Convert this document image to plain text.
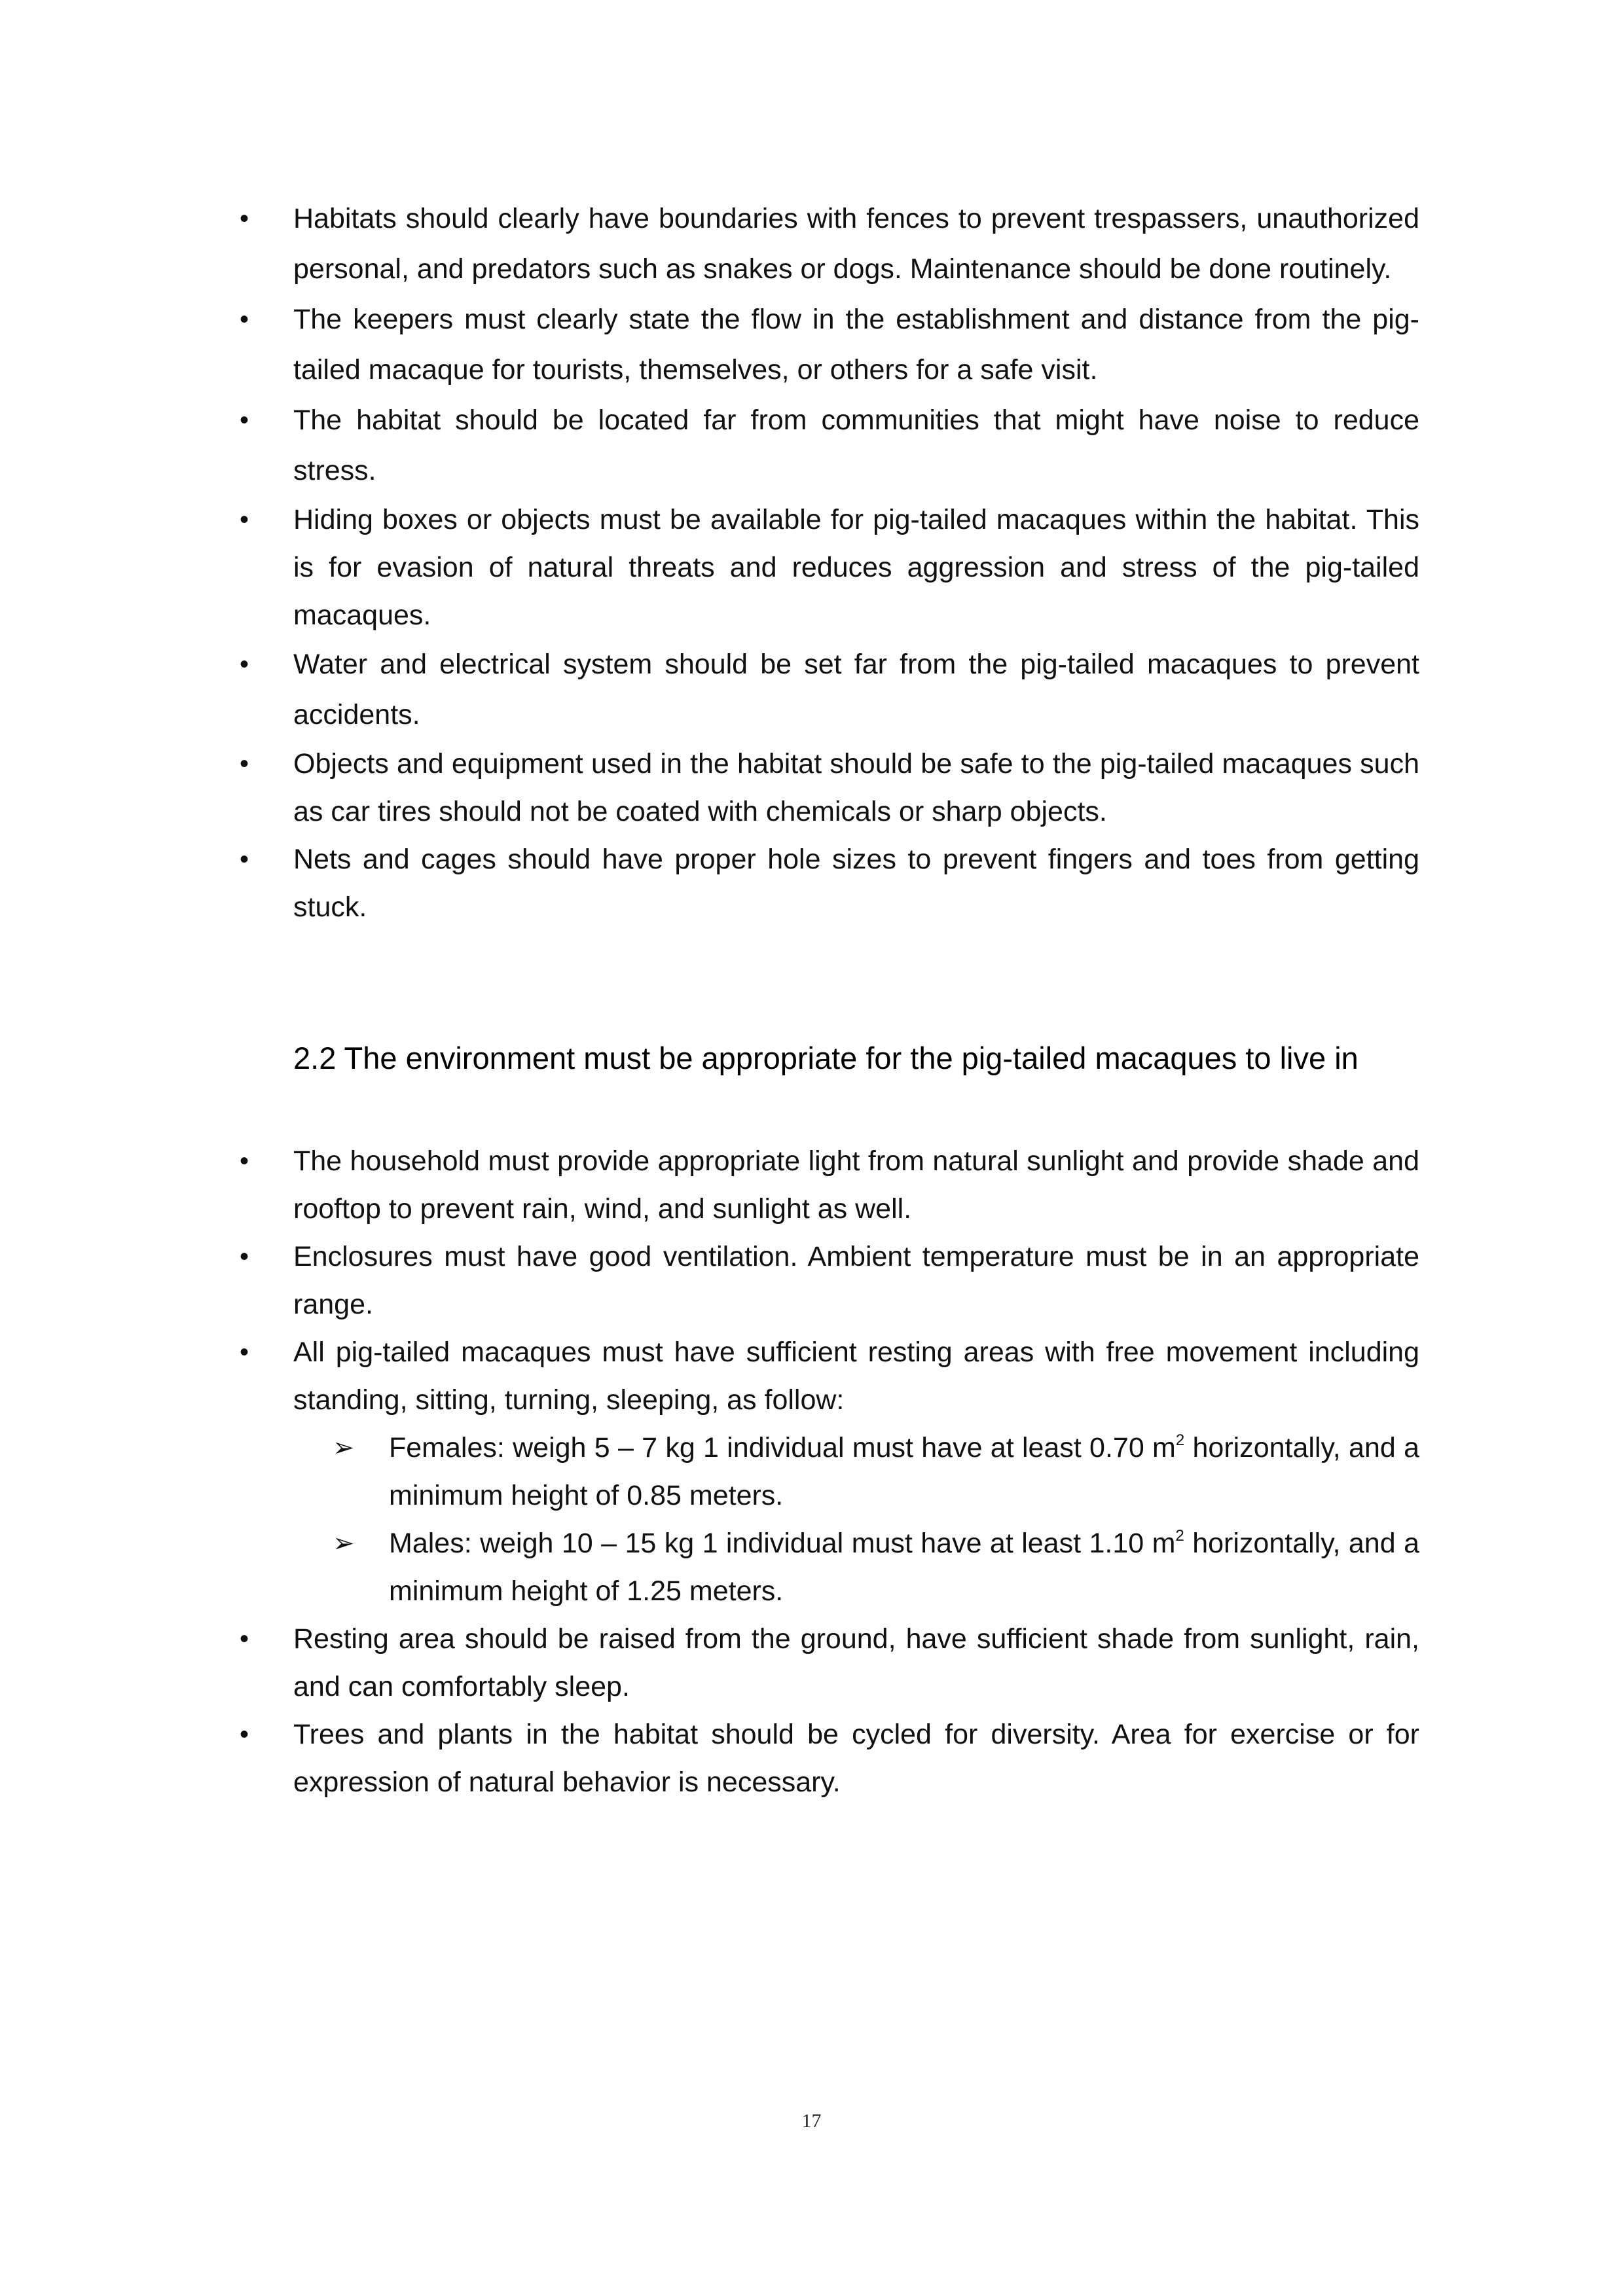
• Habitats should clearly have boundaries with fences to prevent trespassers, unauthorized personal, and predators such as snakes or dogs. Maintenance should be done routinely.
• The keepers must clearly state the flow in the establishment and distance from the pig-tailed macaque for tourists, themselves, or others for a safe visit.
• The habitat should be located far from communities that might have noise to reduce stress.
• Hiding boxes or objects must be available for pig-tailed macaques within the habitat. This is for evasion of natural threats and reduces aggression and stress of the pig-tailed macaques.
• Water and electrical system should be set far from the pig-tailed macaques to prevent accidents.
• Objects and equipment used in the habitat should be safe to the pig-tailed macaques such as car tires should not be coated with chemicals or sharp objects.
• Nets and cages should have proper hole sizes to prevent fingers and toes from getting stuck.
2.2 The environment must be appropriate for the pig-tailed macaques to live in
• The household must provide appropriate light from natural sunlight and provide shade and rooftop to prevent rain, wind, and sunlight as well.
• Enclosures must have good ventilation. Ambient temperature must be in an appropriate range.
• All pig-tailed macaques must have sufficient resting areas with free movement including standing, sitting, turning, sleeping, as follow:
➢ Females: weigh 5 – 7 kg 1 individual must have at least 0.70 $m^2$ horizontally, and a minimum height of 0.85 meters.
➢ Males: weigh 10 – 15 kg 1 individual must have at least 1.10 $m^2$ horizontally, and a minimum height of 1.25 meters.
• Resting area should be raised from the ground, have sufficient shade from sunlight, rain, and can comfortably sleep.
• Trees and plants in the habitat should be cycled for diversity. Area for exercise or for expression of natural behavior is necessary.
17
